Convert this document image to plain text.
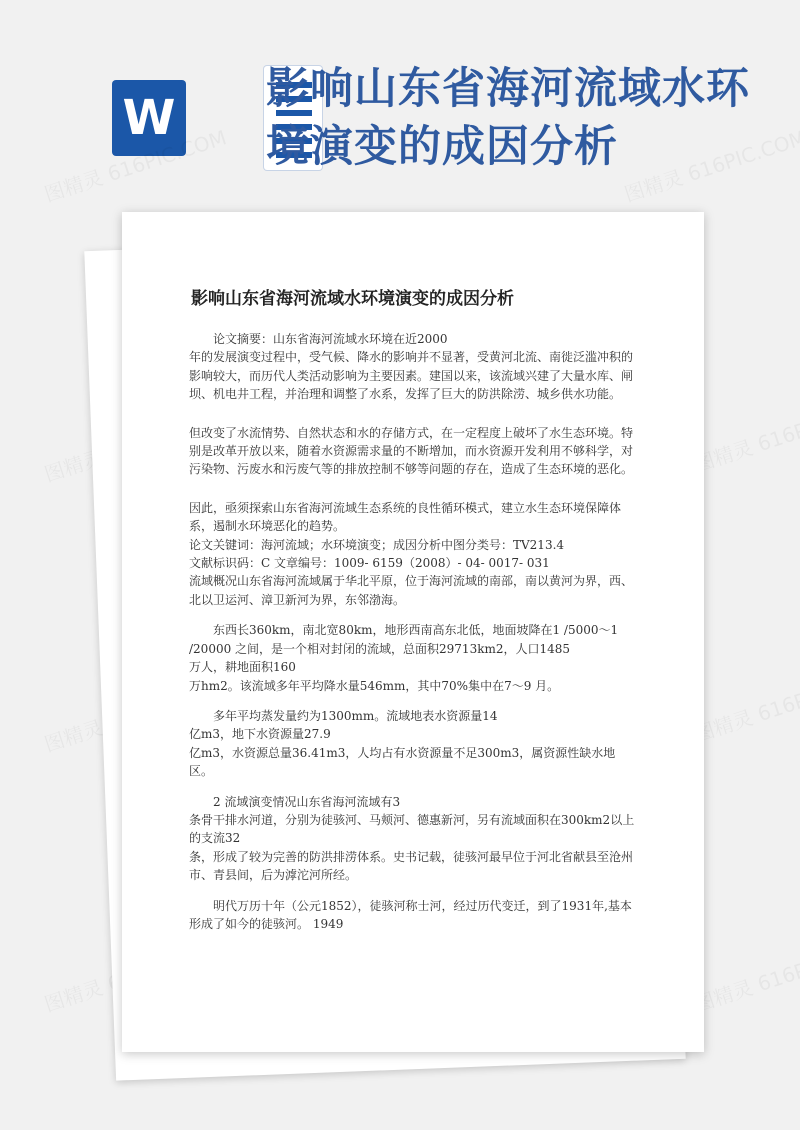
W
影响山东省海河流域水环境演变的成因分析
影响山东省海河流域水环境演变的成因分析

论文摘要：山东省海河流域水环境在近2000

年的发展演变过程中，受气候、降水的影响并不显著，受黄河北流、南徙泛滥冲积的影响较大，而历代人类活动影响为主要因素。建国以来，该流域兴建了大量水库、闸坝、机电井工程，并治理和调整了水系，发挥了巨大的防洪除涝、城乡供水功能。

但改变了水流情势、自然状态和水的存储方式，在一定程度上破坏了水生态环境。特别是改革开放以来，随着水资源需求量的不断增加，而水资源开发利用不够科学，对污染物、污废水和污废气等的排放控制不够等问题的存在，造成了生态环境的恶化。

因此，亟须探索山东省海河流域生态系统的良性循环模式，建立水生态环境保障体系，遏制水环境恶化的趋势。

论文关键词：海河流域；水环境演变；成因分析中图分类号：TV213.4

文献标识码：C 文章编号：1009- 6159（2008）- 04- 0017- 031

流域概况山东省海河流域属于华北平原，位于海河流域的南部，南以黄河为界，西、北以卫运河、漳卫新河为界，东邻渤海。

东西长360km，南北宽80km，地形西南高东北低，地面坡降在1 /5000～1

/20000 之间，是一个相对封闭的流域，总面积29713km2，人口1485

万人，耕地面积160

万hm2。该流域多年平均降水量546mm，其中70%集中在7～9 月。

多年平均蒸发量约为1300mm。流域地表水资源量14

亿m3，地下水资源量27.9

亿m3，水资源总量36.41m3，人均占有水资源量不足300m3，属资源性缺水地区。

2 流域演变情况山东省海河流域有3

条骨干排水河道，分别为徒骇河、马颊河、德惠新河，另有流域面积在300km2以上的支流32

条，形成了较为完善的防洪排涝体系。史书记载，徒骇河最早位于河北省献县至沧州市、青县间，后为滹沱河所经。

明代万历十年（公元1852），徒骇河称士河，经过历代变迁，到了1931年,基本形成了如今的徒骇河。 1949
